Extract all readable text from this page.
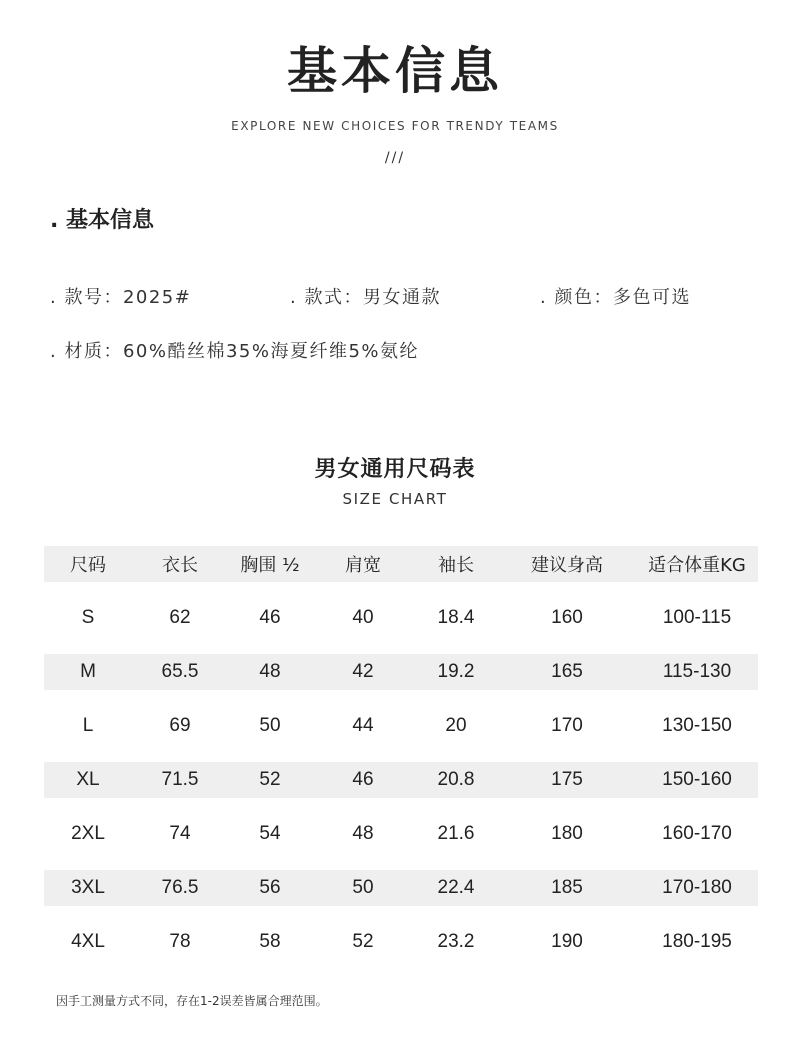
基本信息
EXPLORE NEW CHOICES FOR TRENDY TEAMS
///
. 基本信息
. 款号：2025#	. 款式：男女通款	. 颜色：多色可选
. 材质：60%酷丝棉35%海夏纤维5%氨纶
男女通用尺码表
SIZE CHART
尺码	衣长	胸围 ½	肩宽	袖长	建议身高	适合体重KG

S	62	46	40	18.4	160	100-115

M	65.5	48	42	19.2	165	115-130

L	69	50	44	20	170	130-150

XL	71.5	52	46	20.8	175	150-160

2XL	74	54	48	21.6	180	160-170

3XL	76.5	56	50	22.4	185	170-180

4XL	78	58	52	23.2	190	180-195
因手工测量方式不同，存在1-2误差皆属合理范围。
